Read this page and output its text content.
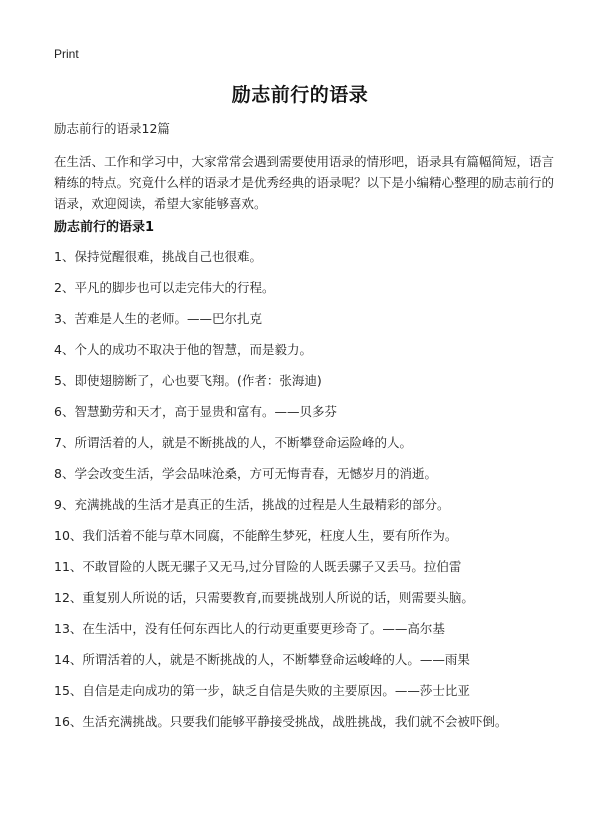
Print
励志前行的语录
励志前行的语录12篇
在生活、工作和学习中，大家常常会遇到需要使用语录的情形吧，语录具有篇幅简短，语言精练的特点。究竟什么样的语录才是优秀经典的语录呢？以下是小编精心整理的励志前行的语录，欢迎阅读，希望大家能够喜欢。
励志前行的语录1
1、保持觉醒很难，挑战自己也很难。
2、平凡的脚步也可以走完伟大的行程。
3、苦难是人生的老师。——巴尔扎克
4、个人的成功不取决于他的智慧，而是毅力。
5、即使翅膀断了，心也要飞翔。(作者：张海迪)
6、智慧勤劳和天才，高于显贵和富有。——贝多芬
7、所谓活着的人，就是不断挑战的人，不断攀登命运险峰的人。
8、学会改变生活，学会品味沧桑，方可无悔青春，无憾岁月的消逝。
9、充满挑战的生活才是真正的生活，挑战的过程是人生最精彩的部分。
10、我们活着不能与草木同腐，不能醉生梦死，枉度人生，要有所作为。
11、不敢冒险的人既无骡子又无马,过分冒险的人既丢骡子又丢马。拉伯雷
12、重复别人所说的话，只需要教育,而要挑战别人所说的话，则需要头脑。
13、在生活中，没有任何东西比人的行动更重要更珍奇了。——高尔基
14、所谓活着的人，就是不断挑战的人，不断攀登命运峻峰的人。——雨果
15、自信是走向成功的第一步，缺乏自信是失败的主要原因。——莎士比亚
16、生活充满挑战。只要我们能够平静接受挑战，战胜挑战，我们就不会被吓倒。
